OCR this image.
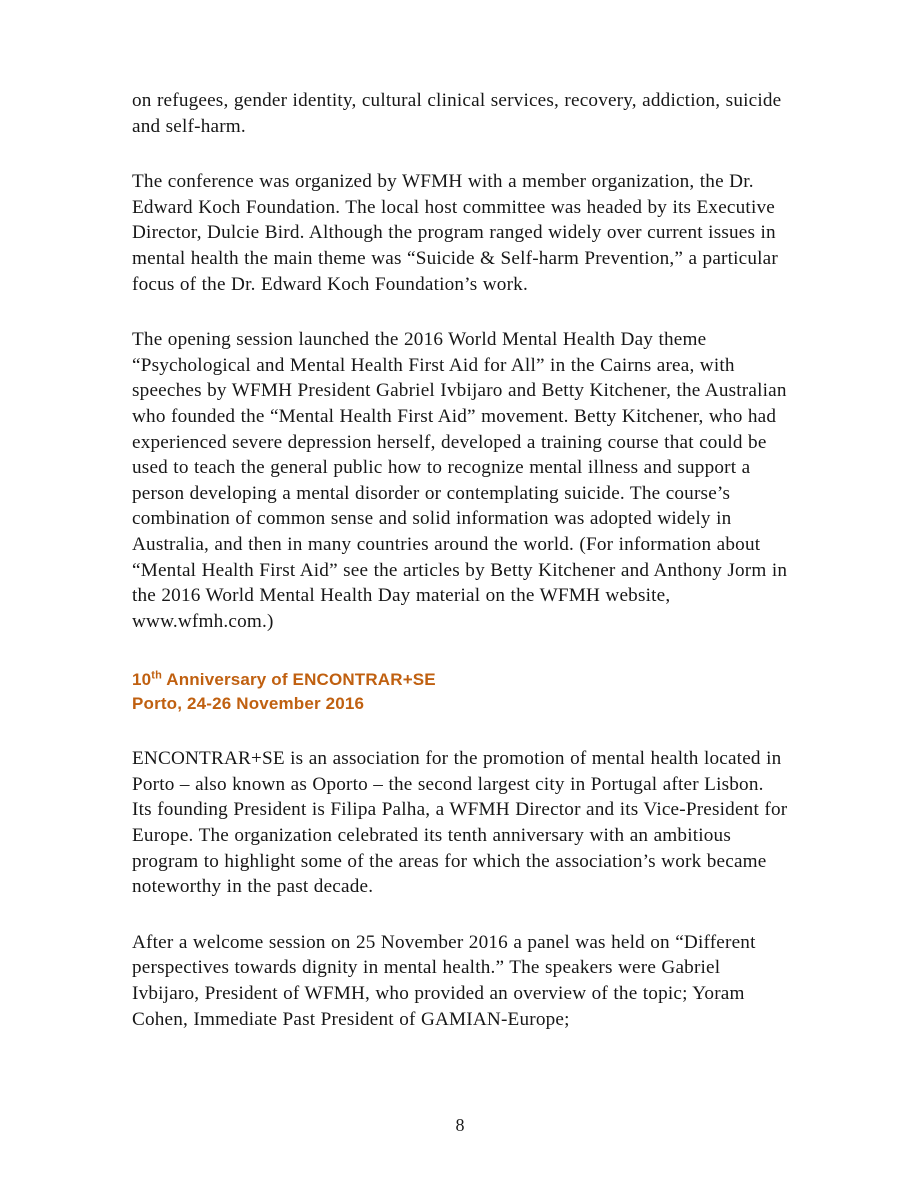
on refugees, gender identity, cultural clinical services, recovery, addiction, suicide and self-harm.

The conference was organized by WFMH with a member organization, the Dr. Edward Koch Foundation. The local host committee was headed by its Executive Director, Dulcie Bird. Although the program ranged widely over current issues in mental health the main theme was “Suicide & Self-harm Prevention,” a particular focus of the Dr. Edward Koch Foundation’s work.

The opening session launched the 2016 World Mental Health Day theme “Psychological and Mental Health First Aid for All” in the Cairns area, with speeches by WFMH President Gabriel Ivbijaro and Betty Kitchener, the Australian who founded the “Mental Health First Aid” movement. Betty Kitchener, who had experienced severe depression herself, developed a training course that could be used to teach the general public how to recognize mental illness and support a person developing a mental disorder or contemplating suicide. The course’s combination of common sense and solid information was adopted widely in Australia, and then in many countries around the world. (For information about “Mental Health First Aid” see the articles by Betty Kitchener and Anthony Jorm in the 2016 World Mental Health Day material on the WFMH website, www.wfmh.com.)

10th Anniversary of ENCONTRAR+SE
Porto, 24-26 November 2016

ENCONTRAR+SE is an association for the promotion of mental health located in Porto – also known as Oporto – the second largest city in Portugal after Lisbon. Its founding President is Filipa Palha, a WFMH Director and its Vice-President for Europe. The organization celebrated its tenth anniversary with an ambitious program to highlight some of the areas for which the association’s work became noteworthy in the past decade.

After a welcome session on 25 November 2016 a panel was held on “Different perspectives towards dignity in mental health.” The speakers were Gabriel Ivbijaro, President of WFMH, who provided an overview of the topic; Yoram Cohen, Immediate Past President of GAMIAN-Europe;

8
